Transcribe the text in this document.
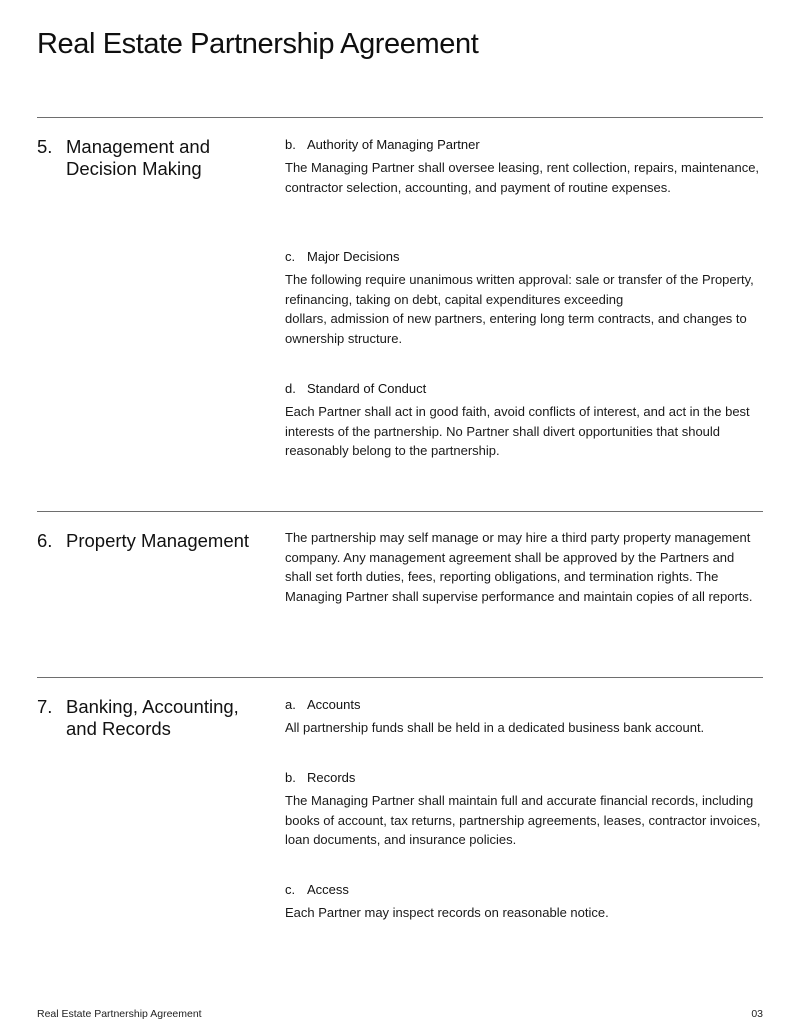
Real Estate Partnership Agreement
5. Management and
Decision Making

b. Authority of Managing Partner

The Managing Partner shall oversee leasing, rent collection, repairs, maintenance, contractor selection, accounting, and payment of routine expenses.

c. Major Decisions

The following require unanimous written approval: sale or transfer of the Property, refinancing, taking on debt, capital expenditures exceeding  dollars, admission of new partners, entering long term contracts, and changes to ownership structure.

d. Standard of Conduct

Each Partner shall act in good faith, avoid conflicts of interest, and act in the best interests of the partnership. No Partner shall divert opportunities that should reasonably belong to the partnership.

6. Property Management	The partnership may self manage or may hire a third party property management company. Any management agreement shall be approved by the Partners and shall set forth duties, fees, reporting obligations, and termination rights. The Managing Partner shall supervise performance and maintain copies of all reports.

7. Banking, Accounting,
and Records

a. Accounts

All partnership funds shall be held in a dedicated business bank account.

b. Records

The Managing Partner shall maintain full and accurate financial records, including books of account, tax returns, partnership agreements, leases, contractor invoices, loan documents, and insurance policies.

c. Access

Each Partner may inspect records on reasonable notice.

Real Estate Partnership Agreement	03
